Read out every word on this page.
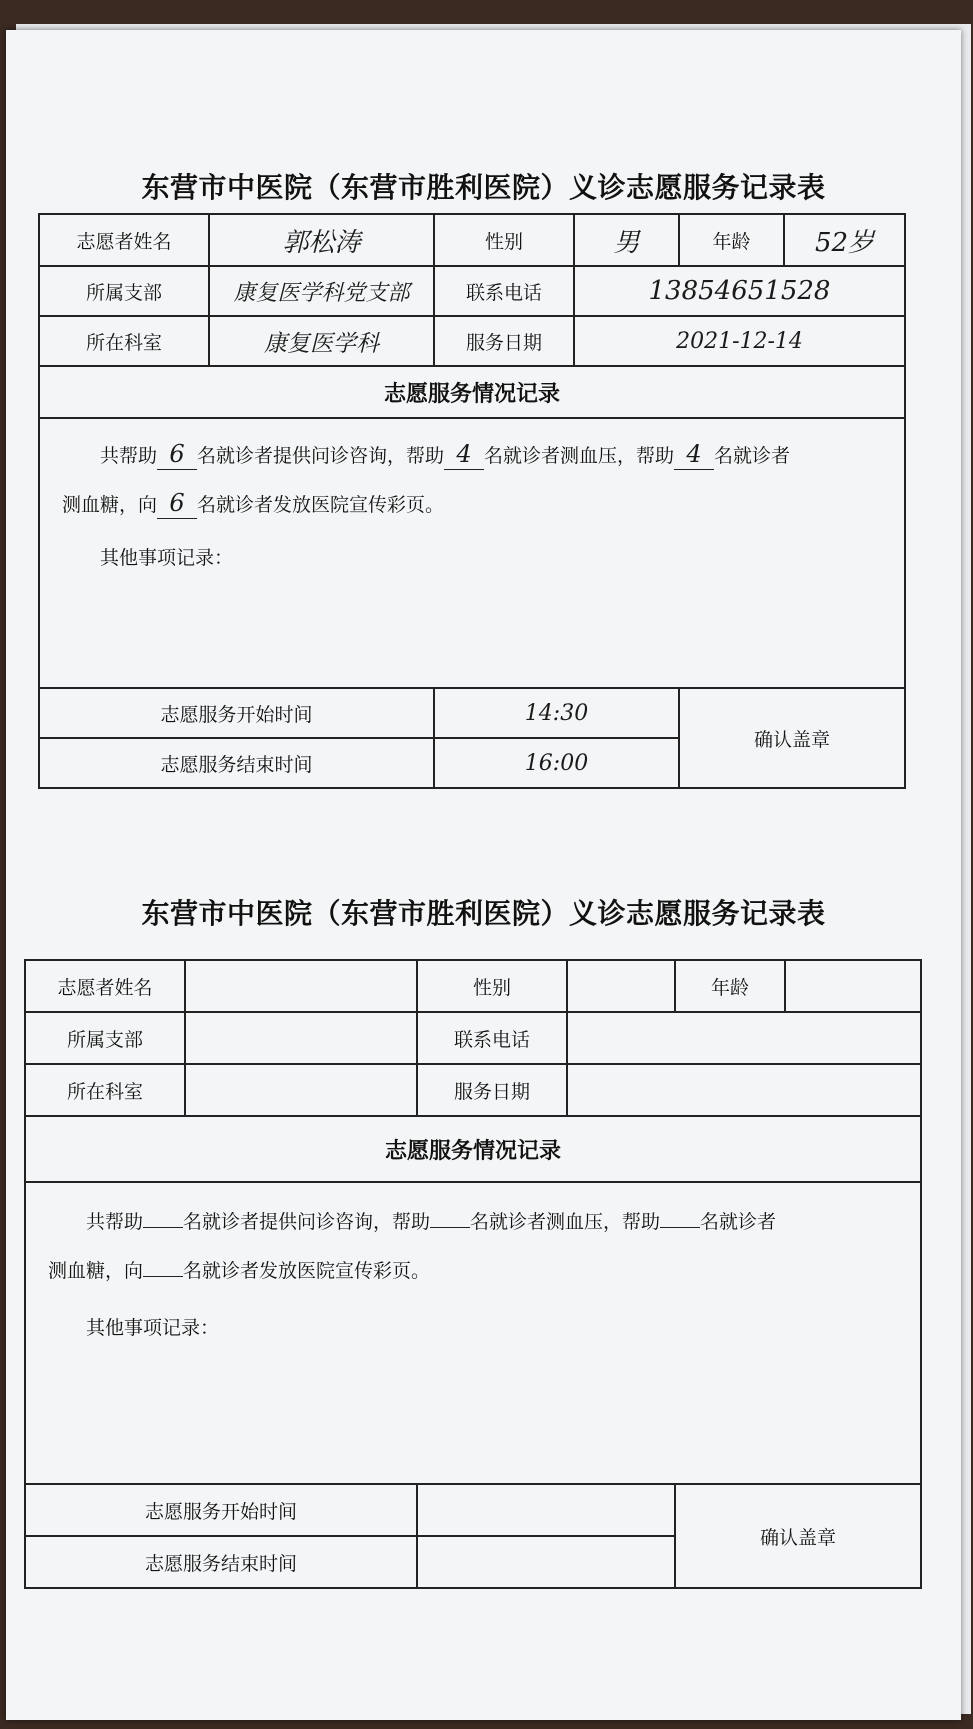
东营市中医院（东营市胜利医院）义诊志愿服务记录表
志愿者姓名	郭松涛	性别	男	年龄	52岁
所属支部	康复医学科党支部	联系电话	13854651528		
所在科室	康复医学科	服务日期	2021-12-14		
志愿服务情况记录					

共帮助 6 名就诊者提供问诊咨询，帮助 4 名就诊者测血压，帮助 4 名就诊者
测血糖，向 6 名就诊者发放医院宣传彩页。
其他事项记录：					

志愿服务开始时间		14:30		确认盖章	
志愿服务结束时间		16:00			
东营市中医院（东营市胜利医院）义诊志愿服务记录表
志愿者姓名		性别		年龄	
所属支部		联系电话			
所在科室		服务日期			
志愿服务情况记录					

共帮助 名就诊者提供问诊咨询，帮助 名就诊者测血压，帮助 名就诊者
测血糖，向 名就诊者发放医院宣传彩页。
其他事项记录：					

志愿服务开始时间				确认盖章	
志愿服务结束时间					
